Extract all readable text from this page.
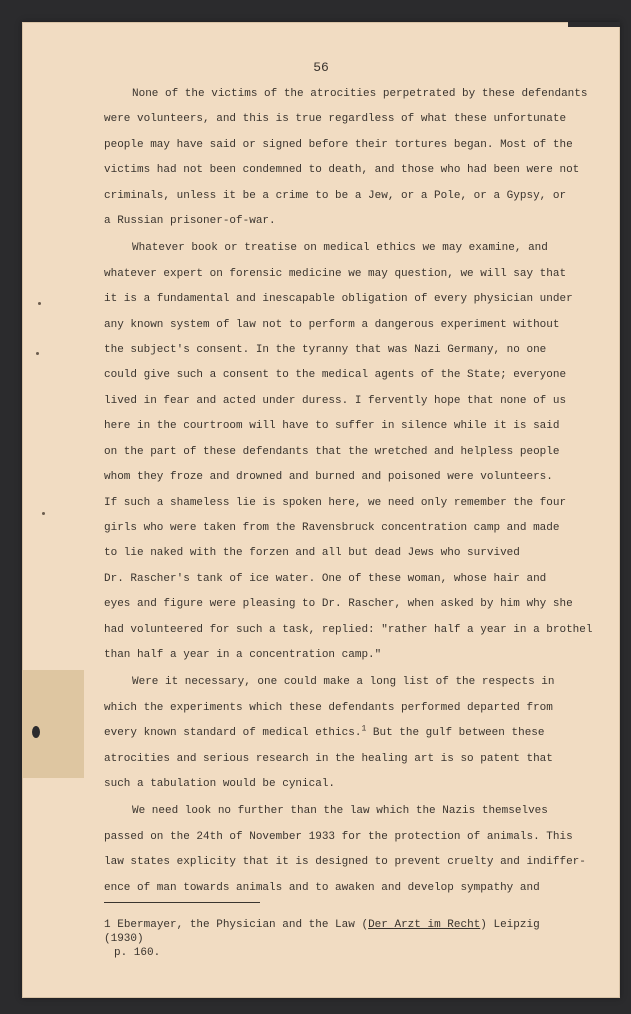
56
None of the victims of the atrocities perpetrated by these defendants
were volunteers, and this is true regardless of what these unfortunate
people may have said or signed before their tortures began. Most of the
victims had not been condemned to death, and those who had been were not
criminals, unless it be a crime to be a Jew, or a Pole, or a Gypsy, or
a Russian prisoner-of-war.
Whatever book or treatise on medical ethics we may examine, and
whatever expert on forensic medicine we may question, we will say that
it is a fundamental and inescapable obligation of every physician under
any known system of law not to perform a dangerous experiment without
the subject's consent. In the tyranny that was Nazi Germany, no one
could give such a consent to the medical agents of the State; everyone
lived in fear and acted under duress. I fervently hope that none of us
here in the courtroom will have to suffer in silence while it is said
on the part of these defendants that the wretched and helpless people
whom they froze and drowned and burned and poisoned were volunteers.
If such a shameless lie is spoken here, we need only remember the four
girls who were taken from the Ravensbruck concentration camp and made
to lie naked with the forzen and all but dead Jews who survived
Dr. Rascher's tank of ice water. One of these woman, whose hair and
eyes and figure were pleasing to Dr. Rascher, when asked by him why she
had volunteered for such a task, replied: "rather half a year in a brothel
than half a year in a concentration camp."
Were it necessary, one could make a long list of the respects in
which the experiments which these defendants performed departed from
every known standard of medical ethics.$^1$ But the gulf between these
atrocities and serious research in the healing art is so patent that
such a tabulation would be cynical.
We need look no further than the law which the Nazis themselves
passed on the 24th of November 1933 for the protection of animals. This
law states explicity that it is designed to prevent cruelty and indiffer-
ence of man towards animals and to awaken and develop sympathy and
1 Ebermayer, the Physician and the Law (Der Arzt im Recht) Leipzig (1930)
p. 160.
